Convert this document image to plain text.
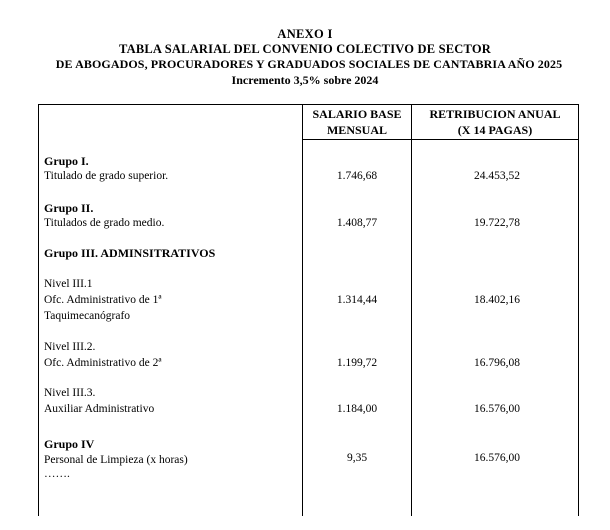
ANEXO I
TABLA SALARIAL DEL CONVENIO COLECTIVO DE SECTOR
DE ABOGADOS, PROCURADORES Y GRADUADOS SOCIALES DE CANTABRIA AÑO 2025
Incremento 3,5% sobre 2024
SALARIO BASE
MENSUAL
RETRIBUCION ANUAL
(X 14 PAGAS)
Grupo I.
Titulado de grado superior.	1.746,68	24.453,52
Grupo II.
Titulados de grado medio.	1.408,77	19.722,78
Grupo III. ADMINSITRATIVOS
Nivel III.1
Ofc. Administrativo de 1ª
Taquimecanógrafo
1.314,44	18.402,16
Nivel III.2.
Ofc. Administrativo de 2ª	1.199,72	16.796,08
Nivel III.3.
Auxiliar Administrativo	1.184,00	16.576,00
Grupo IV
Personal de Limpieza (x horas)
…….
9,35	16.576,00
